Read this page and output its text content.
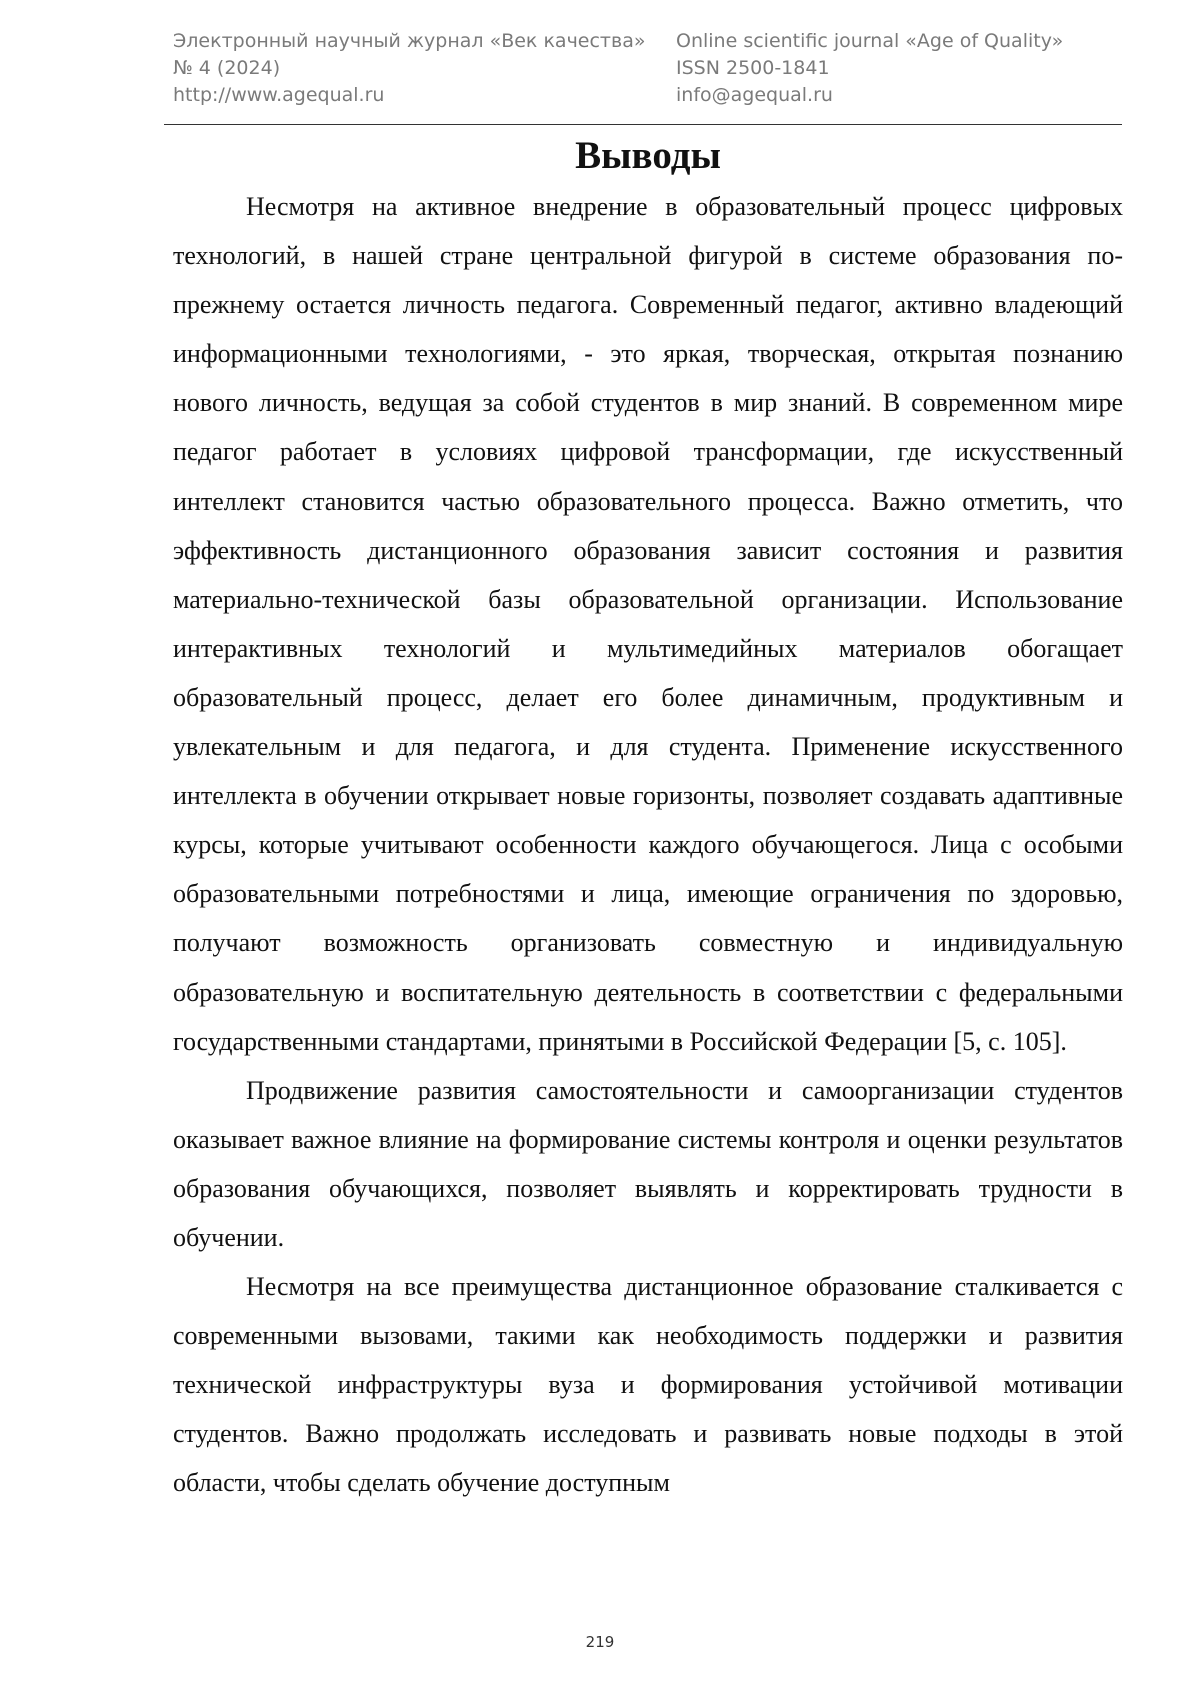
Электронный научный журнал «Век качества»
№ 4 (2024)
http://www.agequal.ru
Online scientific journal «Age of Quality»
ISSN 2500-1841
info@agequal.ru
Выводы

Несмотря на активное внедрение в образовательный процесс цифровых технологий, в нашей стране центральной фигурой в системе образования по-прежнему остается личность педагога. Современный педагог, активно владеющий информационными технологиями, - это яркая, творческая, открытая познанию нового личность, ведущая за собой студентов в мир знаний. В современном мире педагог работает в условиях цифровой трансформации, где искусственный интеллект становится частью образовательного процесса. Важно отметить, что эффективность дистанционного образования зависит состояния и развития материально-технической базы образовательной организации. Использование интерактивных технологий и мультимедийных материалов обогащает образовательный процесс, делает его более динамичным, продуктивным и увлекательным и для педагога, и для студента. Применение искусственного интеллекта в обучении открывает новые горизонты, позволяет создавать адаптивные курсы, которые учитывают особенности каждого обучающегося. Лица с особыми образовательными потребностями и лица, имеющие ограничения по здоровью, получают возможность организовать совместную и индивидуальную образовательную и воспитательную деятельность в соответствии с федеральными государственными стандартами, принятыми в Российской Федерации [5, с. 105].

Продвижение развития самостоятельности и самоорганизации студентов оказывает важное влияние на формирование системы контроля и оценки результатов образования обучающихся, позволяет выявлять и корректировать трудности в обучении.

Несмотря на все преимущества дистанционное образование сталкивается с современными вызовами, такими как необходимость поддержки и развития технической инфраструктуры вуза и формирования устойчивой мотивации студентов. Важно продолжать исследовать и развивать новые подходы в этой области, чтобы сделать обучение доступным

219
